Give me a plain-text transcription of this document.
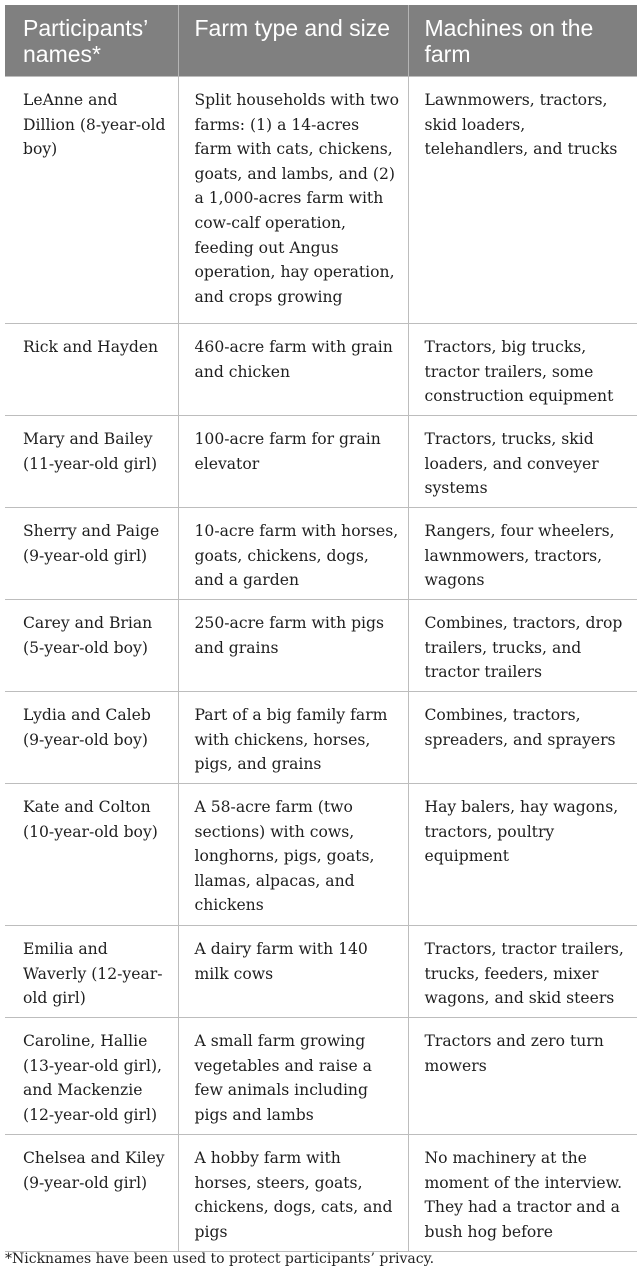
Participants’ names*	Farm type and size	Machines on the farm
LeAnne and Dillion (8-year-old boy)	Split households with two farms: (1) a 14-acres farm with cats, chickens, goats, and lambs, and (2) a 1,000-acres farm with cow-calf operation, feeding out Angus operation, hay operation, and crops growing	Lawnmowers, tractors, skid loaders, telehandlers, and trucks
Rick and Hayden	460-acre farm with grain and chicken	Tractors, big trucks, tractor trailers, some construction equipment
Mary and Bailey (11-year-old girl)	100-acre farm for grain elevator	Tractors, trucks, skid loaders, and conveyer systems
Sherry and Paige (9-year-old girl)	10-acre farm with horses, goats, chickens, dogs, and a garden	Rangers, four wheelers, lawnmowers, tractors, wagons
Carey and Brian (5-year-old boy)	250-acre farm with pigs and grains	Combines, tractors, drop trailers, trucks, and tractor trailers
Lydia and Caleb (9-year-old boy)	Part of a big family farm with chickens, horses, pigs, and grains	Combines, tractors, spreaders, and sprayers
Kate and Colton (10-year-old boy)	A 58-acre farm (two sections) with cows, longhorns, pigs, goats, llamas, alpacas, and chickens	Hay balers, hay wagons, tractors, poultry equipment
Emilia and Waverly (12-year-old girl)	A dairy farm with 140 milk cows	Tractors, tractor trailers, trucks, feeders, mixer wagons, and skid steers
Caroline, Hallie (13-year-old girl), and Mackenzie (12-year-old girl)	A small farm growing vegetables and raise a few animals including pigs and lambs	Tractors and zero turn mowers
Chelsea and Kiley (9-year-old girl)	A hobby farm with horses, steers, goats, chickens, dogs, cats, and pigs	No machinery at the moment of the interview. They had a tractor and a bush hog before
*Nicknames have been used to protect participants’ privacy.
